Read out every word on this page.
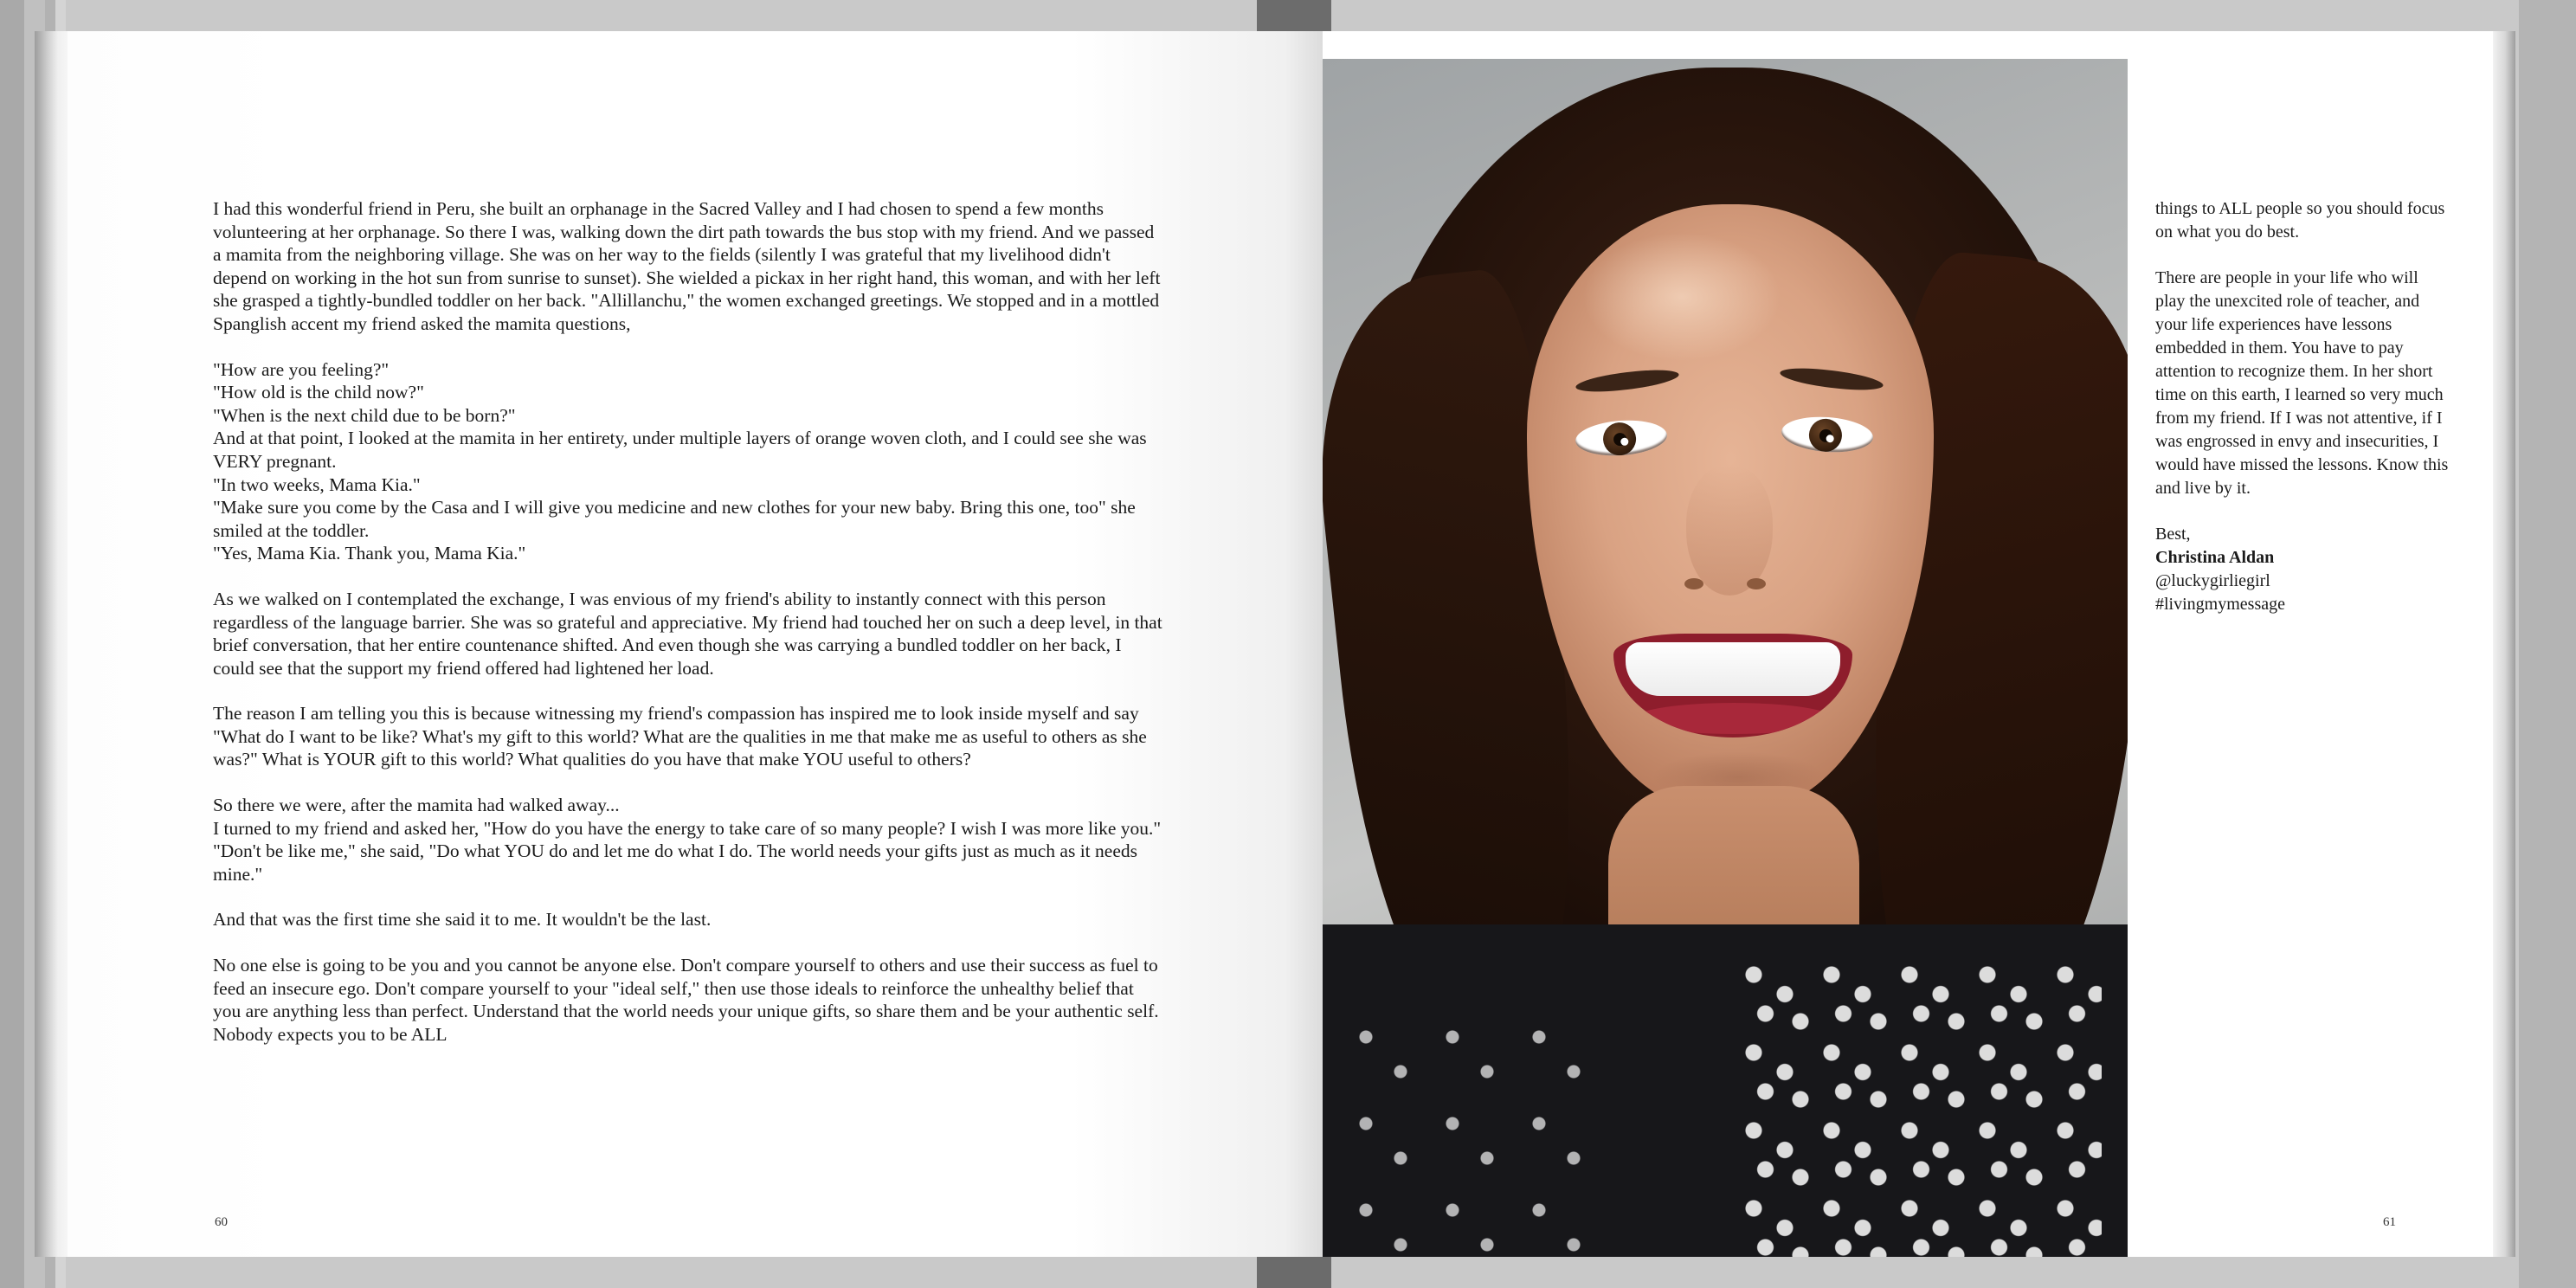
I had this wonderful friend in Peru, she built an orphanage in the Sacred Valley and I had chosen to spend a few months volunteering at her orphanage. So there I was, walking down the dirt path towards the bus stop with my friend. And we passed a mamita from the neighboring village. She was on her way to the fields (silently I was grateful that my livelihood didn't depend on working in the hot sun from sunrise to sunset). She wielded a pickax in her right hand, this woman, and with her left she grasped a tightly-bundled toddler on her back. "Allillanchu," the women exchanged greetings. We stopped and in a mottled Spanglish accent my friend asked the mamita questions,

"How are you feeling?"

"How old is the child now?"

"When is the next child due to be born?"

And at that point, I looked at the mamita in her entirety, under multiple layers of orange woven cloth, and I could see she was VERY pregnant.

"In two weeks, Mama Kia."

"Make sure you come by the Casa and I will give you medicine and new clothes for your new baby. Bring this one, too" she smiled at the toddler.

"Yes, Mama Kia. Thank you, Mama Kia."

As we walked on I contemplated the exchange, I was envious of my friend's ability to instantly connect with this person regardless of the language barrier. She was so grateful and appreciative. My friend had touched her on such a deep level, in that brief conversation, that her entire countenance shifted. And even though she was carrying a bundled toddler on her back, I could see that the support my friend offered had lightened her load.

The reason I am telling you this is because witnessing my friend's compassion has inspired me to look inside myself and say "What do I want to be like? What's my gift to this world? What are the qualities in me that make me as useful to others as she was?" What is YOUR gift to this world? What qualities do you have that make YOU useful to others?

So there we were, after the mamita had walked away...

I turned to my friend and asked her, "How do you have the energy to take care of so many people? I wish I was more like you."

"Don't be like me," she said, "Do what YOU do and let me do what I do. The world needs your gifts just as much as it needs mine."

And that was the first time she said it to me. It wouldn't be the last.

No one else is going to be you and you cannot be anyone else. Don't compare yourself to others and use their success as fuel to feed an insecure ego. Don't compare yourself to your "ideal self," then use those ideals to reinforce the unhealthy belief that you are anything less than perfect. Understand that the world needs your unique gifts, so share them and be your authentic self. Nobody expects you to be ALL

60

things to ALL people so you should focus on what you do best.

There are people in your life who will play the unexcited role of teacher, and your life experiences have lessons embedded in them. You have to pay attention to recognize them. In her short time on this earth, I learned so very much from my friend. If I was not attentive, if I was engrossed in envy and insecurities, I would have missed the lessons. Know this and live by it.

Best,
Christina Aldan
@luckygirliegirl
#livingmymessage
61
